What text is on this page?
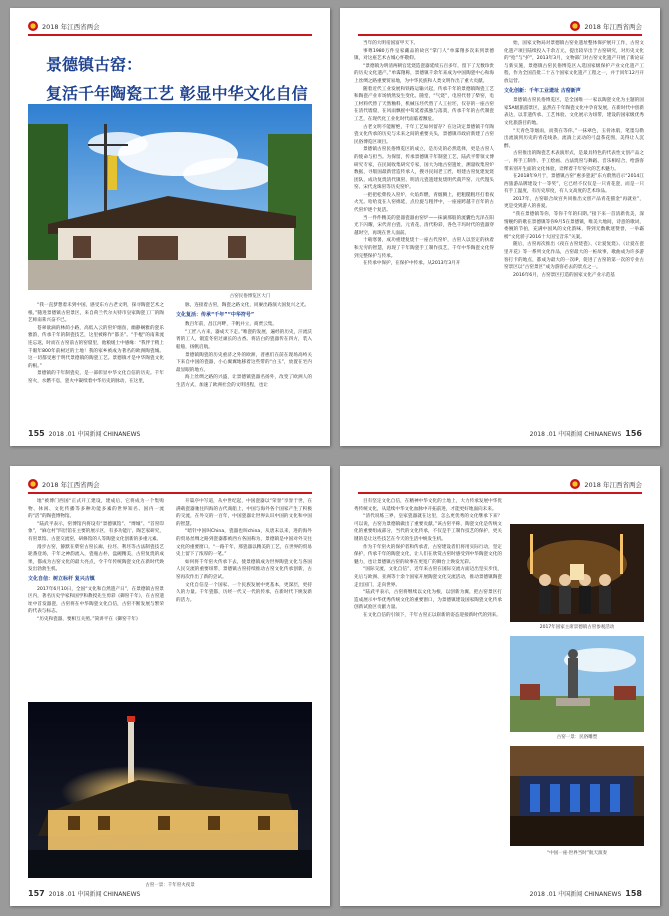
2018 年江西省两会
景德镇古窑：
复活千年陶瓷工艺 彰显中华文化自信
古窑民俗博览区大门

“我一直梦想着未到中国，感受东方古老文明，探寻陶瓷艺术之根。”随进景德镇古窑景区，来自荷兰代尔夫特市皇家陶瓷工厂的陶艺师南莱兴奋不已。

苍翠欲滴的林荫小路，高低入云的窑炉烟囱，幽静娴雅的瓷乐雅韵，传承千年的制瓷技艺，这里被称作“都圣”。“手棍”的南莱流连忘返，时而在古窑前古的窑窟里，他粮缓土中感缘：“我伴于稍上千眼年800年前树过的土地！我的家乡被成为著名的欧洲陶瓷城。这一切都受惠于明代景德镇的陶瓷工艺。景德镇才是中华陶瓷文化的根。”

景德镇的千年制瓷史，是一部彰显中华文化自信的历史。千年窑火，水燃不息，瓷火中凝续着中华历史的脉动，在这里，

脉，连接着古窑，陶瓷之路文化，同赓出路演大国复兴之光。

文化复活：传承“千年”“中华符号”

数百年前，昌江河畔，千帆并立，商贾云集。

“工匠八方来，器成天下走。”唯瓷的发展，遍经的历史，汗流沃胥的工人，锻造冬窑过顽长的古香。将洁白的瓷器传在四方，装入船舶，扬帆启航。

景德镇陶瓷的历史重济之外的欧洲，普惠们在前在现场高峙关下来自中国的瓷器，小心翼翼地移着这些带的“白玉”，放置在宅内最显眼的地方。

海上丝绸之路的兴盛，让景德镇瓷器名扬外，改变了欧洲人的生活方式，加速了欧洲社会的文明进程，也让

155 2018 .01 中国新闻 CHINANEWS
2018 年江西省两会

当年的大明帝国富甲天下。

事尊1980万件皇家藏品的故宫“掌门人”单霁翔多次来到景德镇，对这座艺术古城心怀敬仰。

“景德镇为明清两朝官廷烧造瓷器延续五百多年，留下了无数珍贵的历史文化遗产。”单霁翔称，景德镇千余年来成为中国陶瓷中心和海上丝绸之路重要贸易地，为中华民族和人类文明作出了重大贡献。

随着近代工业发展和铁路运输兴起，传承千年的景德镇陶瓷工艺和陶瓷产业市场情然发生变化。随堂，“气烧”，电窑代替了柴窑，电工材料代替了天然釉料，机械压坯代替了人工拉坯，仅存的一座古窑在清代墙窟，在风雨飘摇中苟延着孤独与落寞，传承千年的古代制瓷工艺，在现代化工业化时代面临着濒危。

古老文明不能断绝，千年工艺如何留存？在这决定景德镇千年陶瓷文化传承的历史与未来之间的重要关头，景德镇市政府新建了古窑民俗博览区项目。

景德镇古窑民俗博览区的成立，是历史的必然选择，更是古窑人的使命与担当。为保留，传承景德镇千年制瓷工艺，陆武平带领文博研究专家，在民间收集研究专家，国大为地古窑遗址，测量收集窑炉数据，寻版国最新营造传承人，搜寻民间老工匠，组建古窑复建复烧团队，成功复烧清代镇窑、明清元瓷遗建复烧明代葫芦窑、元代馒头窑、宋代龙珠窑等历史窑炉。

一把把松柴投入窑炉，火焰炸燃，青烟腾上，把粗糙粗坯打着夜火光。哈哈竟在人窑绵延，点位旋与粗伴中，一座座跨越千百年的古代窑炉逐个复活。

当一件件精美的瓷器瓷器由窑炉——抹滴那般的流囊色光泽在阳光下闪耀，宋代青白瓷、元青花、清代粉彩，各色千玛时代的瓷器穿越时空，再现在世人面前。

十载寒暑，成功重建复烧十一座古代窑炉，古窑人以坚定的执着和无穷的智慧，再现了千年陶瓷手工制作技艺，千年中华陶瓷文化得到完整保护与传承。

在传承中保护，在保护中传承。从2013年3月开

始，国家文物局对景德镇古窑业遗址整体保护展开工作，古窑文化遗产项目陆续投入千余万元，提出较早出于古窑研究，对历史文化的“抢”与“护”，2013年3月，文物部门对古窑文化遗产开展了新论证与新实施，景德镇古窑民俗博览区入选国家级保护产业文化遗产工程，作为全国首批二十五个国家文化遗产工程之一，并于同年12月开放运营。

文化创新：千年工业遗址 古窑新声

景德镇古窑民俗博览区，是全国唯一一家以陶瓷文化为主题的国家5A级旅游景区，虽然在千年陶瓷文化中孕育发展，在新时代中创新表达，以非遗传承、工艺体验、文化展示为纽带，建设的国家级优秀文化旅游目的地。

“天青色等烟雨，而我在等你。”一抹翠色，玉骨冰肌，笔墨勾勒出流淌到历史的青花线条，流淌上灵动的弓盘茶花图，美得让人沉醉。

古窑推出的陶瓷艺术表演形式，是最具特色的代表性文创产品之一，将手工制作、手工绘画、古法烧窑与舞蹈、音乐相结合，给游客带来别开生面的文化体验，诠释着千年窑火的艺术魅力。

在2018年9月于，景德镇古窑“惠多瓷泥”东方蔚然启示“2014江西旅游品牌建设十一等奖”，它已经不仅仅是一只青花瓷，而是一只有手工温度，有历史厚度，有人文高度的艺术珍品。

2017年，古窑联合故宫共同推出文创产品青花描金“再就业”，更是受到游人的喜爱。

“我在景德镇等你，等你千年的归期。”接下来一首清新优美，深情婉约的歌在景德镇等你9月5在景德镇，唯美大地间，诗意的歌词，委婉的节拍，充满中国风的文化韵味，得到无数歌迷赞誉，一举霸榜“文化骄子2016十大国宝音乐”关案。

随后，古窑再次推出《夜在古窑烧瓷》、《让爱复烧》、《让爱在瓷里开花》等一系列文化作品，古窑最大的一桩故事，歌曲成为许多游客打卡的地点，都成为最大的一次IP，促进了古窑的第一次的专业古窑景区以“古窑景区”成为游客必去的景点之一。

2016年6月，古窑景区打造的国家文化产业示范基

2018 .01 中国新闻 CHINANEWS 156
2018 年江西省两会

地”被博门西国“正式开工建设，建成后，它将成为一个集购物、休闲、文化传播等多种功能多素的世界知名、国内一流的“活”的陶瓷博物馆。

“陆武平表示，窑博馆内将设有“景德镇馆”、“博城”、“首窑印象”，“麻仓村”四层馆在主要的展示区，有多功能厅、陶艺家研究，有窑景馆、古瓷交流窑，研修馆的人等陶瓷文化创新的多重元素。

漫步古窑，静默在柴窑古窑长廊，拉坯、利坯等古法制瓷技艺轮番登场，千年之神韵流入，瓷瓶古朴，盘碗精美，古窑复烧的成果，都成为古窑文化的最大亮点，令千年传统陶瓷文化在新时代焕发出勃勃生机。

文化自信：树立标杆 复兴古镇

2017年6月10日，全国“文化和自然遗产日”，在景德镇古窑景区内，著名历史学家和国学和教授先生剪彩《御窑千年》，在古窑遗址中首发器瓷，古窑将在中华陶瓷文化自信，古窑不断发展与繁荣的代表与标志。

“历史和瓷器，要相互关照。”简讲平在《御窑千年》

开篇序中写道，从中世纪起，中国瓷器以“荣誉”享誉于世，在满载瓷器驰往四海的古代商船上，中国与海外各个国家产生了积极的交流，在外交的一百年，中国瓷器让世界认识中国的文化和中国的智慧。

“暗针中国叫China，瓷器也叫china，从唐末以来，进的海外的贸易丝绸之路到瓷器都被西方各国称为，景德镇是中国对外交往文化的重要窗口，“一路千年，那瓷器以精美的工艺，在世界的贸易史上留下了浓厚的一笔。”

如何将千年窑火传承下去，使景德镇成为世界陶瓷文化与各国人民交流的重要纽带，景德镇古窑持续推动古窑文化传承创新，古窑再次作出了新的尝试。

文化自信是一个国家、一个民族发展中更基本，更深层，更持久的力量。千年瓷都，历经一代又一代的传承，在新时代下焕发新的活力。

古窑一景：千年窑火夜景
157 2018 .01 中国新闻 CHINANEWS
2018 年江西省两会

目有坚定文化自信，在精神中华文化的土地上，大力传承发展中华优秀传统文化，从延续中华文化血脉中开拓前进，才能更好地面向未来。

“清代说练三界，皇家瓷器就在这里，怎么更优秀的文化继承下来？可以说，古窑为景德镇做出了重要贡献。”该古窑平称，陶瓷文化是传统文化的重要组成部分，当代的文化传承，不仅是手工制作技艺的保护，更关键的是让这些技艺在今天的生活中焕发生机。

作为千年窑火的保护者和传承者，古窑建设者们将用实际行动，坚定保护，传承千年的陶瓷文化，让人们在欣赏古窑时感受到中华陶瓷文化的魅力，也让景德镇古窑的故事在更宽广的舞台上焕发光彩。

“国际交流，文化自信”，近年来古窑在国际交流方面迈出坚实步伐，先后与欧洲、亚洲等十余个国家开展陶瓷文化交流活动，推动景德镇陶瓷走出国门，走向世界。

“陆武平表示，古窑将继续以文化为根，以创新为翼，把古窑景区打造成展示中华优秀传统文化的重要窗口，为景德镇建设国家陶瓷文化传承创新试验区贡献力量。

在文化自信的引领下，千年古窑正以崭新的姿态迎接新时代的到来。

2017年国家主席景德镇古窑参观活动
古窑一景：民俗雕塑
“中国一座·世界当时”航天演奏
2018 .01 中国新闻 CHINANEWS 158
